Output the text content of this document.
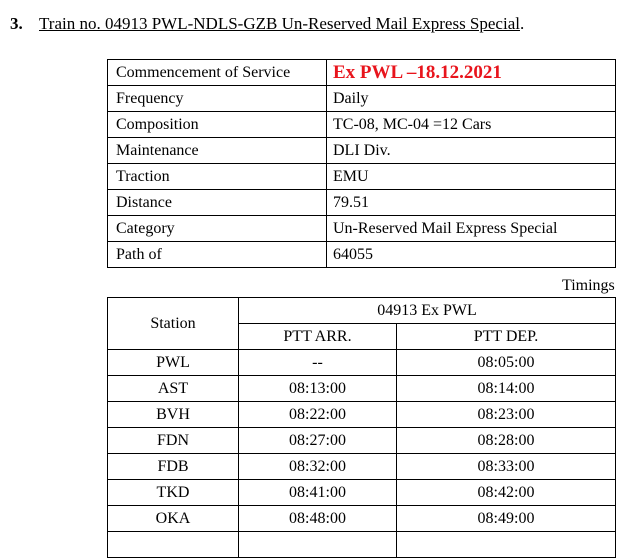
3. Train no. 04913 PWL-NDLS-GZB Un-Reserved Mail Express Special.
Commencement of Service	Ex PWL –18.12.2021
Frequency	Daily
Composition	TC-08, MC-04 =12 Cars
Maintenance	DLI Div.
Traction	EMU
Distance	79.51
Category	Un-Reserved Mail Express Special
Path of	64055
Timings
Station	04913 Ex PWL	
	PTT ARR.	PTT DEP.
PWL	--	08:05:00
AST	08:13:00	08:14:00
BVH	08:22:00	08:23:00
FDN	08:27:00	08:28:00
FDB	08:32:00	08:33:00
TKD	08:41:00	08:42:00
OKA	08:48:00	08:49:00
